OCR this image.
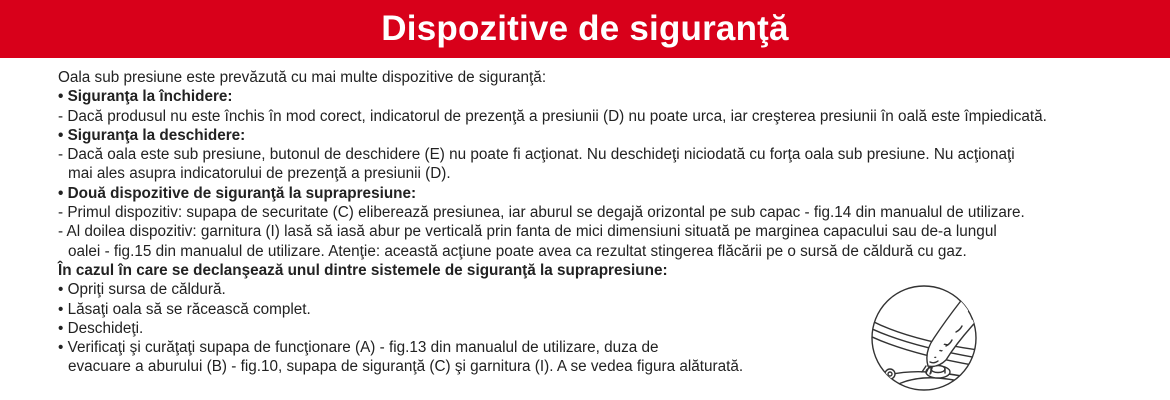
Dispozitive de siguranţă
Oala sub presiune este prevăzută cu mai multe dispozitive de siguranţă:
• Siguranţa la închidere:
- Dacă produsul nu este închis în mod corect, indicatorul de prezenţă a presiunii (D) nu poate urca, iar creşterea presiunii în oală este împiedicată.
• Siguranţa la deschidere:
- Dacă oala este sub presiune, butonul de deschidere (E) nu poate fi acţionat. Nu deschideţi niciodată cu forţa oala sub presiune. Nu acţionaţi
mai ales asupra indicatorului de prezenţă a presiunii (D).
• Două dispozitive de siguranţă la suprapresiune:
- Primul dispozitiv: supapa de securitate (C) eliberează presiunea, iar aburul se degajă orizontal pe sub capac - fig.14 din manualul de utilizare.
- Al doilea dispozitiv: garnitura (I) lasă să iasă abur pe verticală prin fanta de mici dimensiuni situată pe marginea capacului sau de-a lungul
oalei - fig.15 din manualul de utilizare. Atenţie: această acţiune poate avea ca rezultat stingerea flăcării pe o sursă de căldură cu gaz.
În cazul în care se declanşează unul dintre sistemele de siguranţă la suprapresiune:
• Opriţi sursa de căldură.
• Lăsaţi oala să se răcească complet.
• Deschideţi.
• Verificaţi şi curăţaţi supapa de funcţionare (A) - fig.13 din manualul de utilizare, duza de
evacuare a aburului (B) - fig.10, supapa de siguranţă (C) şi garnitura (I). A se vedea figura alăturată.
